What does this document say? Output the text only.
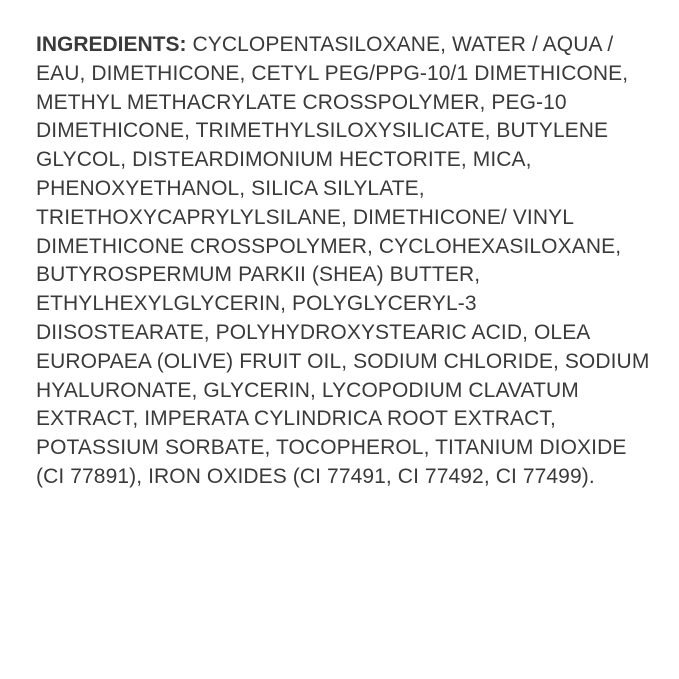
INGREDIENTS: CYCLOPENTASILOXANE, WATER / AQUA /
EAU, DIMETHICONE, CETYL PEG/PPG-10/1 DIMETHICONE,
METHYL METHACRYLATE CROSSPOLYMER, PEG-10
DIMETHICONE, TRIMETHYLSILOXYSILICATE, BUTYLENE
GLYCOL, DISTEARDIMONIUM HECTORITE, MICA,
PHENOXYETHANOL, SILICA SILYLATE,
TRIETHOXYCAPRYLYLSILANE, DIMETHICONE/ VINYL
DIMETHICONE CROSSPOLYMER, CYCLOHEXASILOXANE,
BUTYROSPERMUM PARKII (SHEA) BUTTER,
ETHYLHEXYLGLYCERIN, POLYGLYCERYL-3
DIISOSTEARATE, POLYHYDROXYSTEARIC ACID, OLEA
EUROPAEA (OLIVE) FRUIT OIL, SODIUM CHLORIDE, SODIUM
HYALURONATE, GLYCERIN, LYCOPODIUM CLAVATUM
EXTRACT, IMPERATA CYLINDRICA ROOT EXTRACT,
POTASSIUM SORBATE, TOCOPHEROL, TITANIUM DIOXIDE
(CI 77891), IRON OXIDES (CI 77491, CI 77492, CI 77499).
